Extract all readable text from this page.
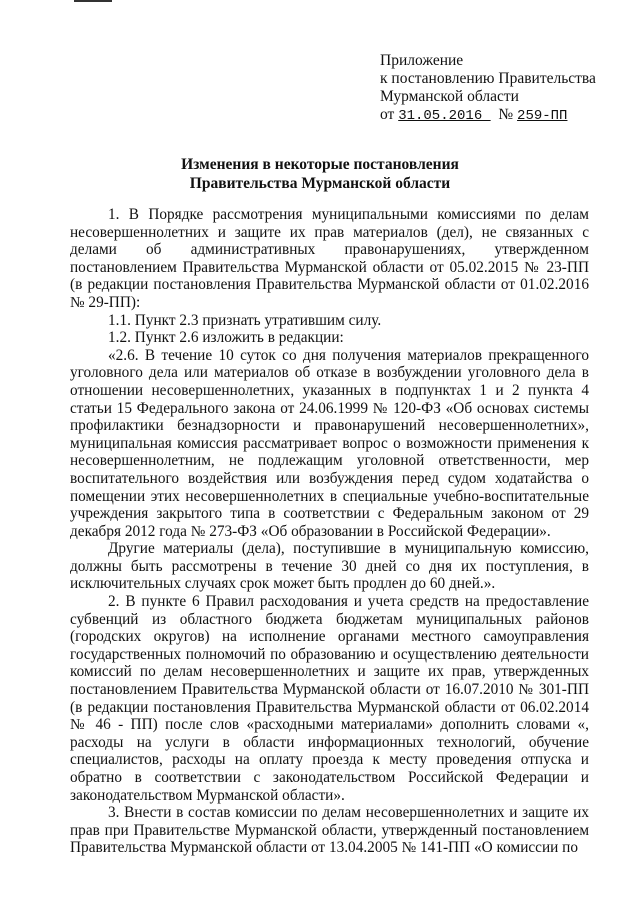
Приложение
к постановлению Правительства
Мурманской области
от 31.05.2016   № 259-ПП
Изменения в некоторые постановления
Правительства Мурманской области

1. В Порядке рассмотрения муниципальными комиссиями по делам несовершеннолетних и защите их прав материалов (дел), не связанных с делами об административных правонарушениях, утвержденном постановлением Правительства Мурманской области от 05.02.2015 № 23-ПП (в редакции постановления Правительства Мурманской области от 01.02.2016 № 29-ПП):

1.1. Пункт 2.3 признать утратившим силу.

1.2. Пункт 2.6 изложить в редакции:

«2.6. В течение 10 суток со дня получения материалов прекращенного уголовного дела или материалов об отказе в возбуждении уголовного дела в отношении несовершеннолетних, указанных в подпунктах 1 и 2 пункта 4 статьи 15 Федерального закона от 24.06.1999 № 120-ФЗ «Об основах системы профилактики безнадзорности и правонарушений несовершеннолетних», муниципальная комиссия рассматривает вопрос о возможности применения к несовершеннолетним, не подлежащим уголовной ответственности, мер воспитательного воздействия или возбуждения перед судом ходатайства о помещении этих несовершеннолетних в специальные учебно-воспитательные учреждения закрытого типа в соответствии с Федеральным законом от 29 декабря 2012 года № 273-ФЗ «Об образовании в Российской Федерации».

Другие материалы (дела), поступившие в муниципальную комиссию, должны быть рассмотрены в течение 30 дней со дня их поступления, в исключительных случаях срок может быть продлен до 60 дней.».

2. В пункте 6 Правил расходования и учета средств на предоставление субвенций из областного бюджета бюджетам муниципальных районов (городских округов) на исполнение органами местного самоуправления государственных полномочий по образованию и осуществлению деятельности комиссий по делам несовершеннолетних и защите их прав, утвержденных постановлением Правительства Мурманской области от 16.07.2010 № 301-ПП (в редакции постановления Правительства Мурманской области от 06.02.2014 № 46 - ПП) после слов «расходными материалами» дополнить словами «, расходы на услуги в области информационных технологий, обучение специалистов, расходы на оплату проезда к месту проведения отпуска и обратно в соответствии с законодательством Российской Федерации и законодательством Мурманской области».

3. Внести в состав комиссии по делам несовершеннолетних и защите их прав при Правительстве Мурманской области, утвержденный постановлением Правительства Мурманской области от 13.04.2005 № 141-ПП «О комиссии по
